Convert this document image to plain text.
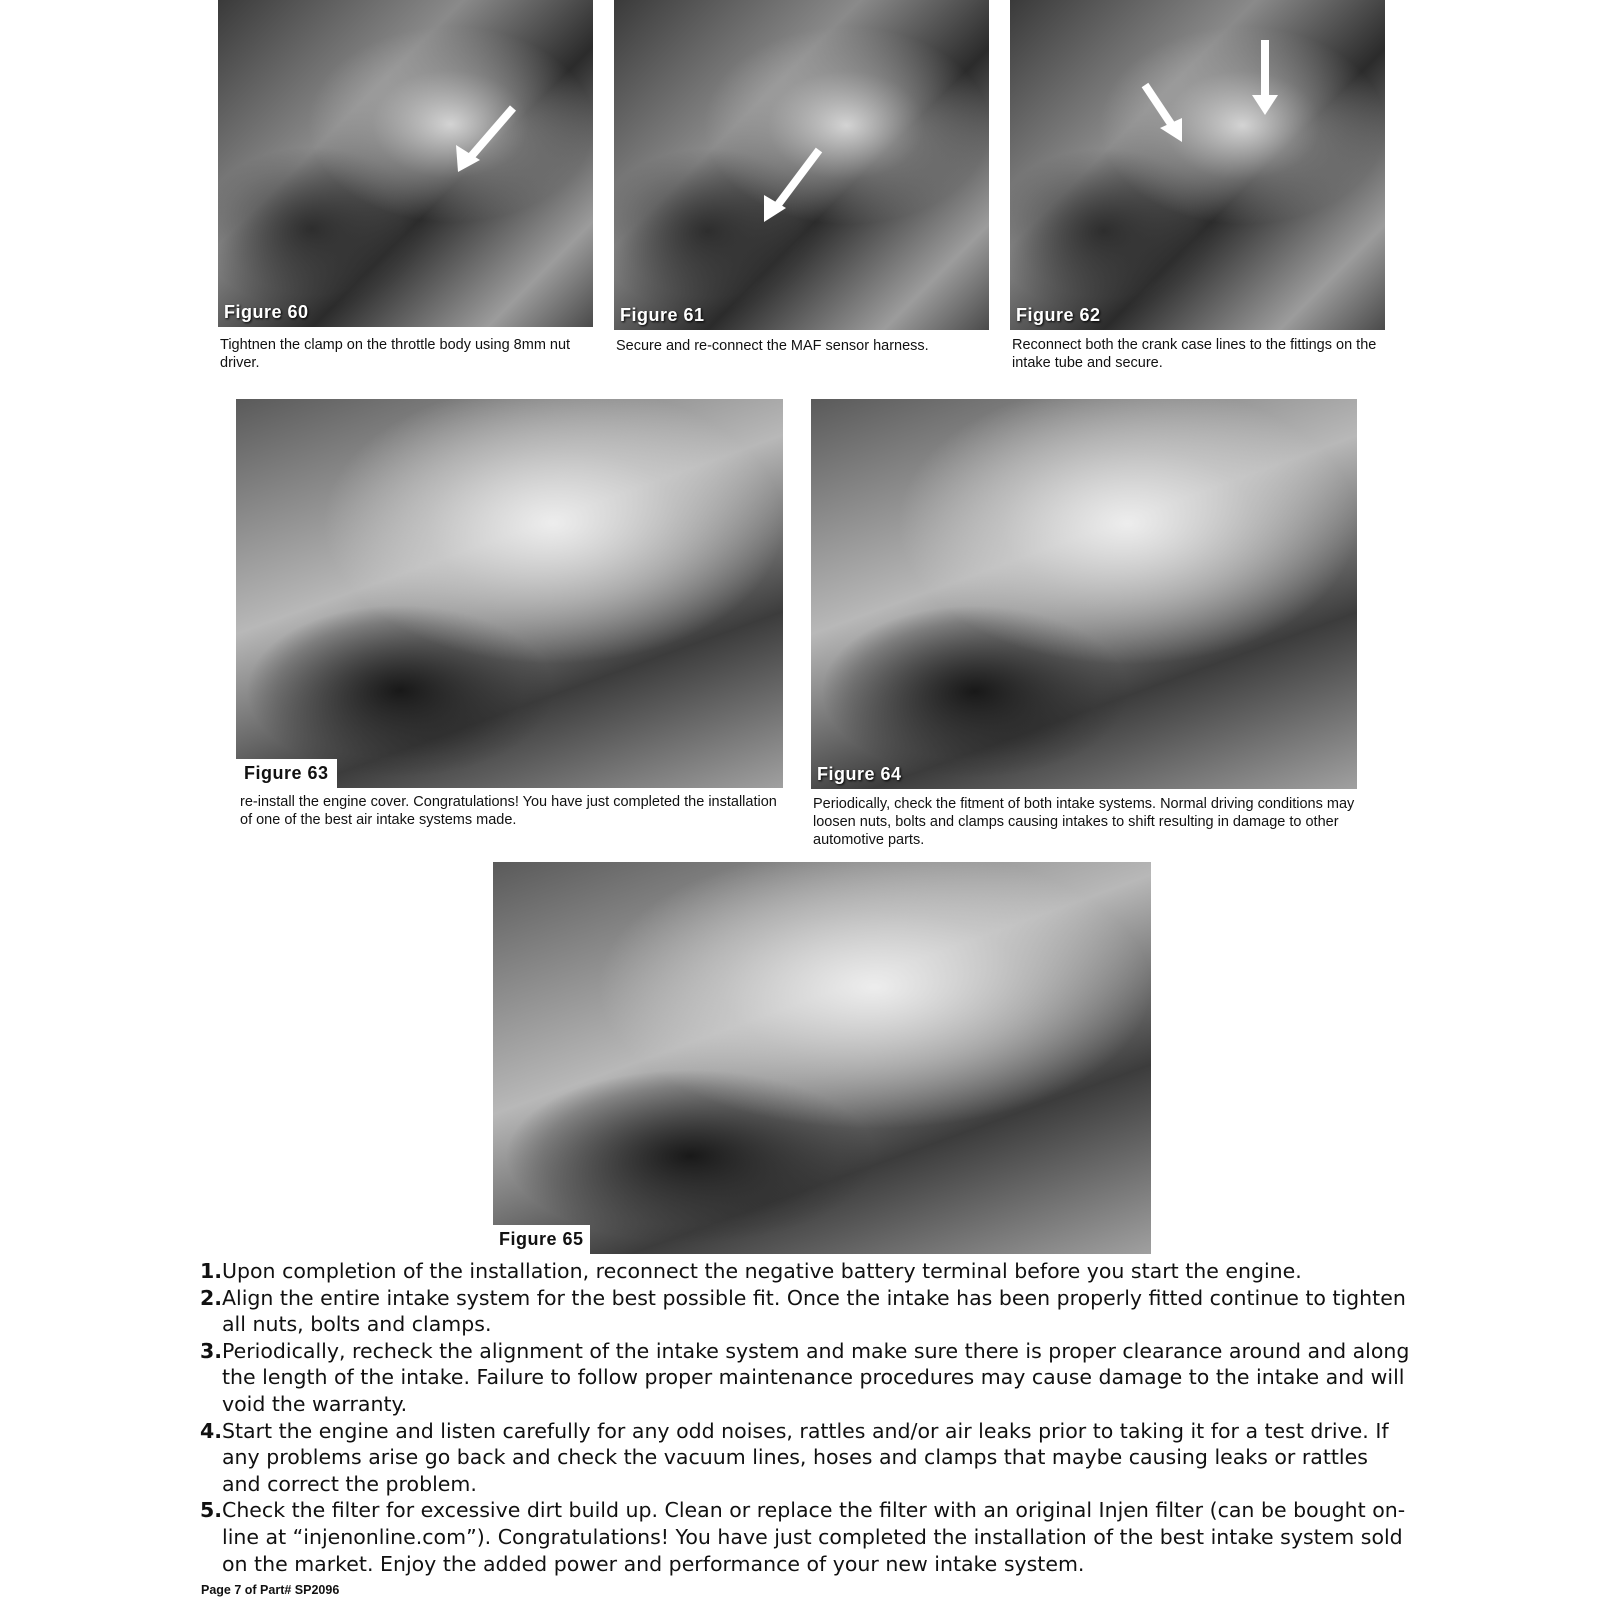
Figure 60
Tightnen the clamp on the throttle body using 8mm nut driver.
Figure 61
Secure and re-connect the MAF sensor harness.
Figure 62
Reconnect both the crank case lines to the fittings on the intake tube and secure.
Figure 63
re-install the engine cover. Congratulations! You have just completed the installation of one of the best air intake systems made.
Figure 64
Periodically, check the fitment of both intake systems. Normal driving conditions may loosen nuts, bolts and clamps causing intakes to shift resulting in damage to other automotive parts.
Figure 65
1. Upon completion of the installation, reconnect the negative battery terminal before you start the engine.
2. Align the entire intake system for the best possible fit. Once the intake has been properly fitted continue to tighten all nuts, bolts and clamps.
3. Periodically, recheck the alignment of the intake system and make sure there is proper clearance around and along the length of the intake. Failure to follow proper maintenance procedures may cause damage to the intake and will void the warranty.
4. Start the engine and listen carefully for any odd noises, rattles and/or air leaks prior to taking it for a test drive. If any problems arise go back and check the vacuum lines, hoses and clamps that maybe causing leaks or rattles and correct the problem.
5. Check the filter for excessive dirt build up. Clean or replace the filter with an original Injen filter (can be bought on-line at “injenonline.com”). Congratulations! You have just completed the installation of the best intake system sold on the market. Enjoy the added power and performance of your new intake system.
Page 7 of Part# SP2096
